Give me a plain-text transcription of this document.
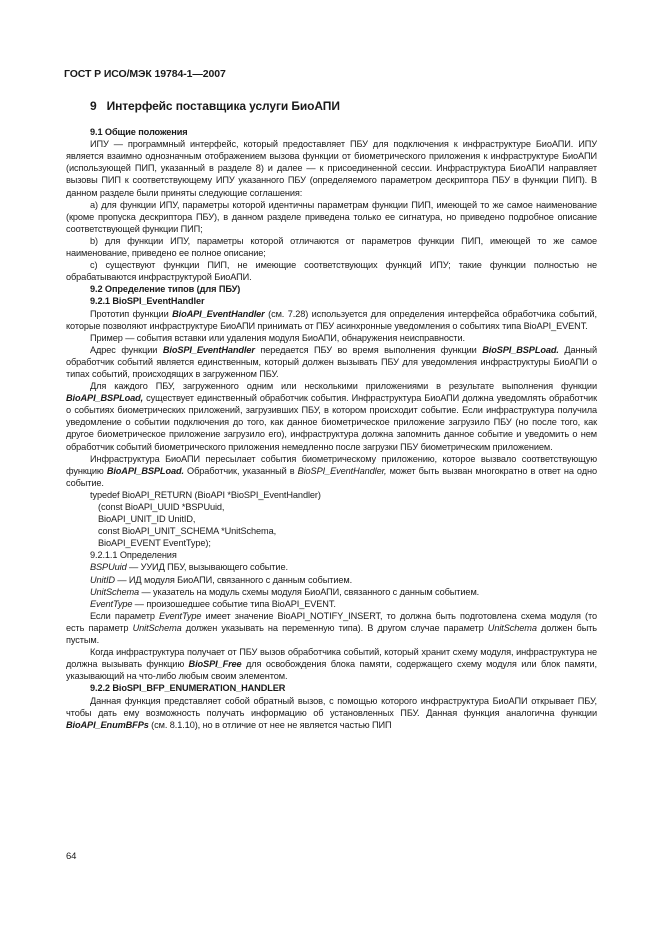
ГОСТ Р ИСО/МЭК 19784-1—2007
9 Интерфейс поставщика услуги БиоАПИ
9.1 Общие положения

ИПУ — программный интерфейс, который предоставляет ПБУ для подключения к инфраструктуре БиоАПИ. ИПУ является взаимно однозначным отображением вызова функции от биометрического приложения к инфраструктуре БиоАПИ (использующей ПИП, указанный в разделе 8) и далее — к присоединенной сессии. Инфраструктура БиоАПИ направляет вызовы ПИП к соответствующему ИПУ указанного ПБУ (определяемого параметром дескриптора ПБУ в функции ПИП). В данном разделе были приняты следующие соглашения:

а) для функции ИПУ, параметры которой идентичны параметрам функции ПИП, имеющей то же самое наименование (кроме пропуска дескриптора ПБУ), в данном разделе приведена только ее сигнатура, но приведено подробное описание соответствующей функции ПИП;

b) для функции ИПУ, параметры которой отличаются от параметров функции ПИП, имеющей то же самое наименование, приведено ее полное описание;

с) существуют функции ПИП, не имеющие соответствующих функций ИПУ; такие функции полностью не обрабатываются инфраструктурой БиоАПИ.

9.2 Определение типов (для ПБУ)
9.2.1 BioSPI_EventHandler

Прототип функции BioAPI_EventHandler (см. 7.28) используется для определения интерфейса обработчика событий, которые позволяют инфраструктуре БиоАПИ принимать от ПБУ асинхронные уведомления о событиях типа BioAPI_EVENT.

Пример — события вставки или удаления модуля БиоАПИ, обнаружения неисправности.

Адрес функции BioSPI_EventHandler передается ПБУ во время выполнения функции BioSPI_BSPLoad. Данный обработчик событий является единственным, который должен вызывать ПБУ для уведомления инфраструктуры БиоАПИ о типах событий, происходящих в загруженном ПБУ.

Для каждого ПБУ, загруженного одним или несколькими приложениями в результате выполнения функции BioAPI_BSPLoad, существует единственный обработчик события. Инфраструктура БиоАПИ должна уведомлять обработчик о событиях биометрических приложений, загрузивших ПБУ, в котором происходит событие. Если инфраструктура получила уведомление о событии подключения до того, как данное биометрическое приложение загрузило ПБУ (но после того, как другое биометрическое приложение загрузило его), инфраструктура должна запомнить данное событие и уведомить о нем обработчик событий биометрического приложения немедленно после загрузки ПБУ биометрическим приложением.

Инфраструктура БиоАПИ пересылает события биометрическому приложению, которое вызвало соответствующую функцию BioAPI_BSPLoad. Обработчик, указанный в BioSPI_EventHandler, может быть вызван многократно в ответ на одно событие.

typedef BioAPI_RETURN (BioAPI *BioSPI_EventHandler)
(const BioAPI_UUID *BSPUuid,
BioAPI_UNIT_ID UnitID,
const BioAPI_UNIT_SCHEMA *UnitSchema,
BioAPI_EVENT EventType);
9.2.1.1 Определения
BSPUuid — УУИД ПБУ, вызывающего событие.
UnitID — ИД модуля БиоАПИ, связанного с данным событием.
UnitSchema — указатель на модуль схемы модуля БиоАПИ, связанного с данным событием.
EventType — произошедшее событие типа BioAPI_EVENT.

Если параметр EventType имеет значение BioAPI_NOTIFY_INSERT, то должна быть подготовлена схема модуля (то есть параметр UnitSchema должен указывать на переменную типа). В другом случае параметр UnitSchema должен быть пустым.

Когда инфраструктура получает от ПБУ вызов обработчика событий, который хранит схему модуля, инфраструктура не должна вызывать функцию BioSPI_Free для освобождения блока памяти, содержащего схему модуля или блок памяти, указывающий на что-либо любым своим элементом.

9.2.2 BioSPI_BFP_ENUMERATION_HANDLER

Данная функция представляет собой обратный вызов, с помощью которого инфраструктура БиоАПИ открывает ПБУ, чтобы дать ему возможность получать информацию об установленных ПБУ. Данная функция аналогична функции BioAPI_EnumBFPs (см. 8.1.10), но в отличие от нее не является частью ПИП

64
